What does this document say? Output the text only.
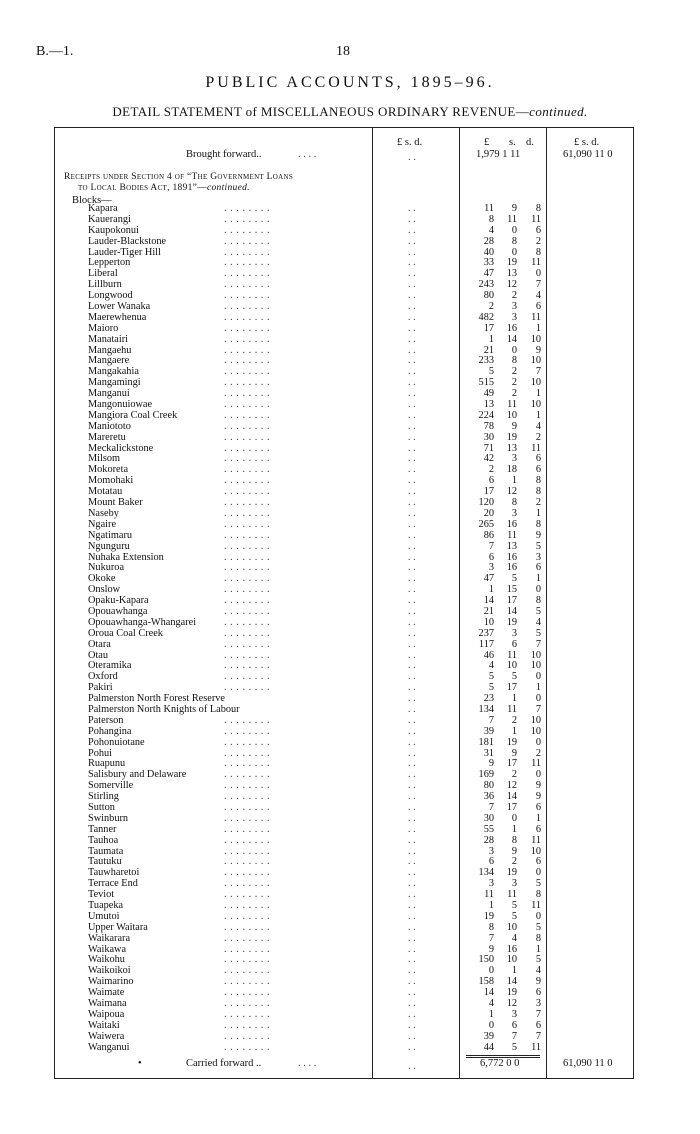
B.—1.	18
PUBLIC ACCOUNTS, 1895–96.
DETAIL STATEMENT of MISCELLANEOUS ORDINARY REVENUE—continued.
£ s. d.	£ s. d.	£ s. d.
Brought forward..	. . . .	. .	1,979 1 11	61,090 11 0
Receipts under Section 4 of “The Government Loans
to Local Bodies Act, 1891”—continued.
Blocks—
Kapara	. . . . . . . .	. .	11	9	8
Kauerangi	. . . . . . . .	. .	8	11	11
Kaupokonui	. . . . . . . .	. .	4	0	6
Lauder-Blackstone	. . . . . . . .	. .	28	8	2
Lauder-Tiger Hill	. . . . . . . .	. .	40	0	8
Lepperton	. . . . . . . .	. .	33	19	11
Liberal	. . . . . . . .	. .	47	13	0
Lillburn	. . . . . . . .	. .	243	12	7
Longwood	. . . . . . . .	. .	80	2	4
Lower Wanaka	. . . . . . . .	. .	2	3	6
Maerewhenua	. . . . . . . .	. .	482	3	11
Maioro	. . . . . . . .	. .	17	16	1
Manatairi	. . . . . . . .	. .	1	14	10
Mangaehu	. . . . . . . .	. .	21	0	9
Mangaere	. . . . . . . .	. .	233	8	10
Mangakahia	. . . . . . . .	. .	5	2	7
Mangamingi	. . . . . . . .	. .	515	2	10
Manganui	. . . . . . . .	. .	49	2	1
Mangonuiowae	. . . . . . . .	. .	13	11	10
Mangiora Coal Creek	. . . . . . . .	. .	224	10	1
Maniototo	. . . . . . . .	. .	78	9	4
Mareretu	. . . . . . . .	. .	30	19	2
Meckalickstone	. . . . . . . .	. .	71	13	11
Milsom	. . . . . . . .	. .	42	3	6
Mokoreta	. . . . . . . .	. .	2	18	6
Momohaki	. . . . . . . .	. .	6	1	8
Motatau	. . . . . . . .	. .	17	12	8
Mount Baker	. . . . . . . .	. .	120	8	2
Naseby	. . . . . . . .	. .	20	3	1
Ngaire	. . . . . . . .	. .	265	16	8
Ngatimaru	. . . . . . . .	. .	86	11	9
Ngunguru	. . . . . . . .	. .	7	13	5
Nuhaka Extension	. . . . . . . .	. .	6	16	3
Nukuroa	. . . . . . . .	. .	3	16	6
Okoke	. . . . . . . .	. .	47	5	1
Onslow	. . . . . . . .	. .	1	15	0
Opaku-Kapara	. . . . . . . .	. .	14	17	8
Opouawhanga	. . . . . . . .	. .	21	14	5
Opouawhanga-Whangarei	. . . . . . . .	. .	10	19	4
Oroua Coal Creek	. . . . . . . .	. .	237	3	5
Otara	. . . . . . . .	. .	117	6	7
Otau	. . . . . . . .	. .	46	11	10
Oteramika	. . . . . . . .	. .	4	10	10
Oxford	. . . . . . . .	. .	5	5	0
Pakiri	. . . . . . . .	. .	5	17	1
Palmerston North Forest Reserve	. .	23	1	0
Palmerston North Knights of Labour	. .	134	11	7
Paterson	. . . . . . . .	. .	7	2	10
Pohangina	. . . . . . . .	. .	39	1	10
Pohonuiotane	. . . . . . . .	. .	181	19	0
Pohui	. . . . . . . .	. .	31	9	2
Ruapunu	. . . . . . . .	. .	9	17	11
Salisbury and Delaware	. . . . . . . .	. .	169	2	0
Somerville	. . . . . . . .	. .	80	12	9
Stirling	. . . . . . . .	. .	36	14	9
Sutton	. . . . . . . .	. .	7	17	6
Swinburn	. . . . . . . .	. .	30	0	1
Tanner	. . . . . . . .	. .	55	1	6
Tauhoa	. . . . . . . .	. .	28	8	11
Taumata	. . . . . . . .	. .	3	9	10
Tautuku	. . . . . . . .	. .	6	2	6
Tauwharetoi	. . . . . . . .	. .	134	19	0
Terrace End	. . . . . . . .	. .	3	3	5
Teviot	. . . . . . . .	. .	11	11	8
Tuapeka	. . . . . . . .	. .	1	5	11
Umutoi	. . . . . . . .	. .	19	5	0
Upper Waitara	. . . . . . . .	. .	8	10	5
Waikarara	. . . . . . . .	. .	7	4	8
Waikawa	. . . . . . . .	. .	9	16	1
Waikohu	. . . . . . . .	. .	150	10	5
Waikoikoi	. . . . . . . .	. .	0	1	4
Waimarino	. . . . . . . .	. .	158	14	9
Waimate	. . . . . . . .	. .	14	19	6
Waimana	. . . . . . . .	. .	4	12	3
Waipoua	. . . . . . . .	. .	1	3	7
Waitaki	. . . . . . . .	. .	0	6	6
Waiwera	. . . . . . . .	. .	39	7	7
Wanganui	. . . . . . . .	. .	44	5	11
•	Carried forward ..	. . . .	. .	6,772 0 0	61,090 11 0
